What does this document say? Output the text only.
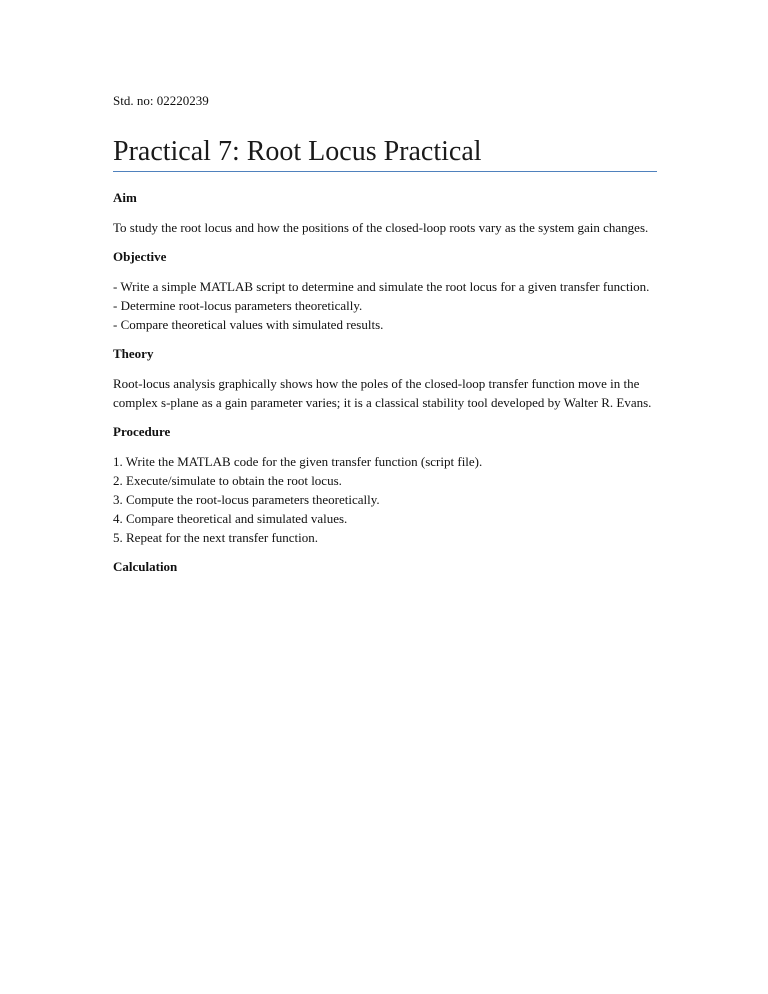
Std. no: 02220239

Practical 7: Root Locus Practical
Aim

To study the root locus and how the positions of the closed-loop roots vary as the system gain changes.

Objective
- Write a simple MATLAB script to determine and simulate the root locus for a given transfer function.
- Determine root-locus parameters theoretically.
- Compare theoretical values with simulated results.
Theory

Root-locus analysis graphically shows how the poles of the closed-loop transfer function move in the complex s-plane as a gain parameter varies; it is a classical stability tool developed by Walter R. Evans.

Procedure
1. Write the MATLAB code for the given transfer function (script file).
2. Execute/simulate to obtain the root locus.
3. Compute the root-locus parameters theoretically.
4. Compare theoretical and simulated values.
5. Repeat for the next transfer function.
Calculation
